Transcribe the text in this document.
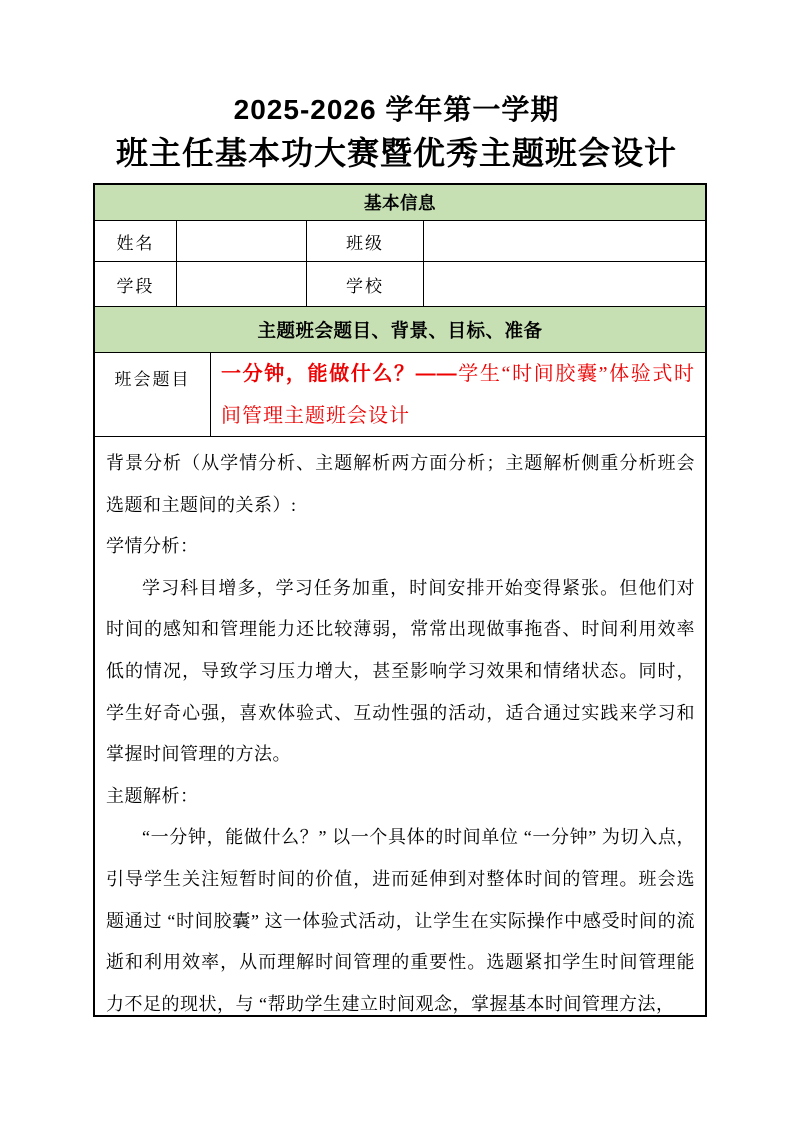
2025-2026 学年第一学期
班主任基本功大赛暨优秀主题班会设计
基本信息
姓名	班级
学段	学校
主题班会题目、背景、目标、准备
班会题目	一分钟，能做什么？——学生“时间胶囊”体验式时间管理主题班会设计

背景分析（从学情分析、主题解析两方面分析；主题解析侧重分析班会选题和主题间的关系）:

学情分析：

学习科目增多，学习任务加重，时间安排开始变得紧张。但他们对时间的感知和管理能力还比较薄弱，常常出现做事拖沓、时间利用效率低的情况，导致学习压力增大，甚至影响学习效果和情绪状态。同时，学生好奇心强，喜欢体验式、互动性强的活动，适合通过实践来学习和掌握时间管理的方法。

主题解析：

“一分钟，能做什么？” 以一个具体的时间单位 “一分钟” 为切入点，引导学生关注短暂时间的价值，进而延伸到对整体时间的管理。班会选题通过 “时间胶囊” 这一体验式活动，让学生在实际操作中感受时间的流逝和利用效率，从而理解时间管理的重要性。选题紧扣学生时间管理能力不足的现状，与 “帮助学生建立时间观念，掌握基本时间管理方法，
